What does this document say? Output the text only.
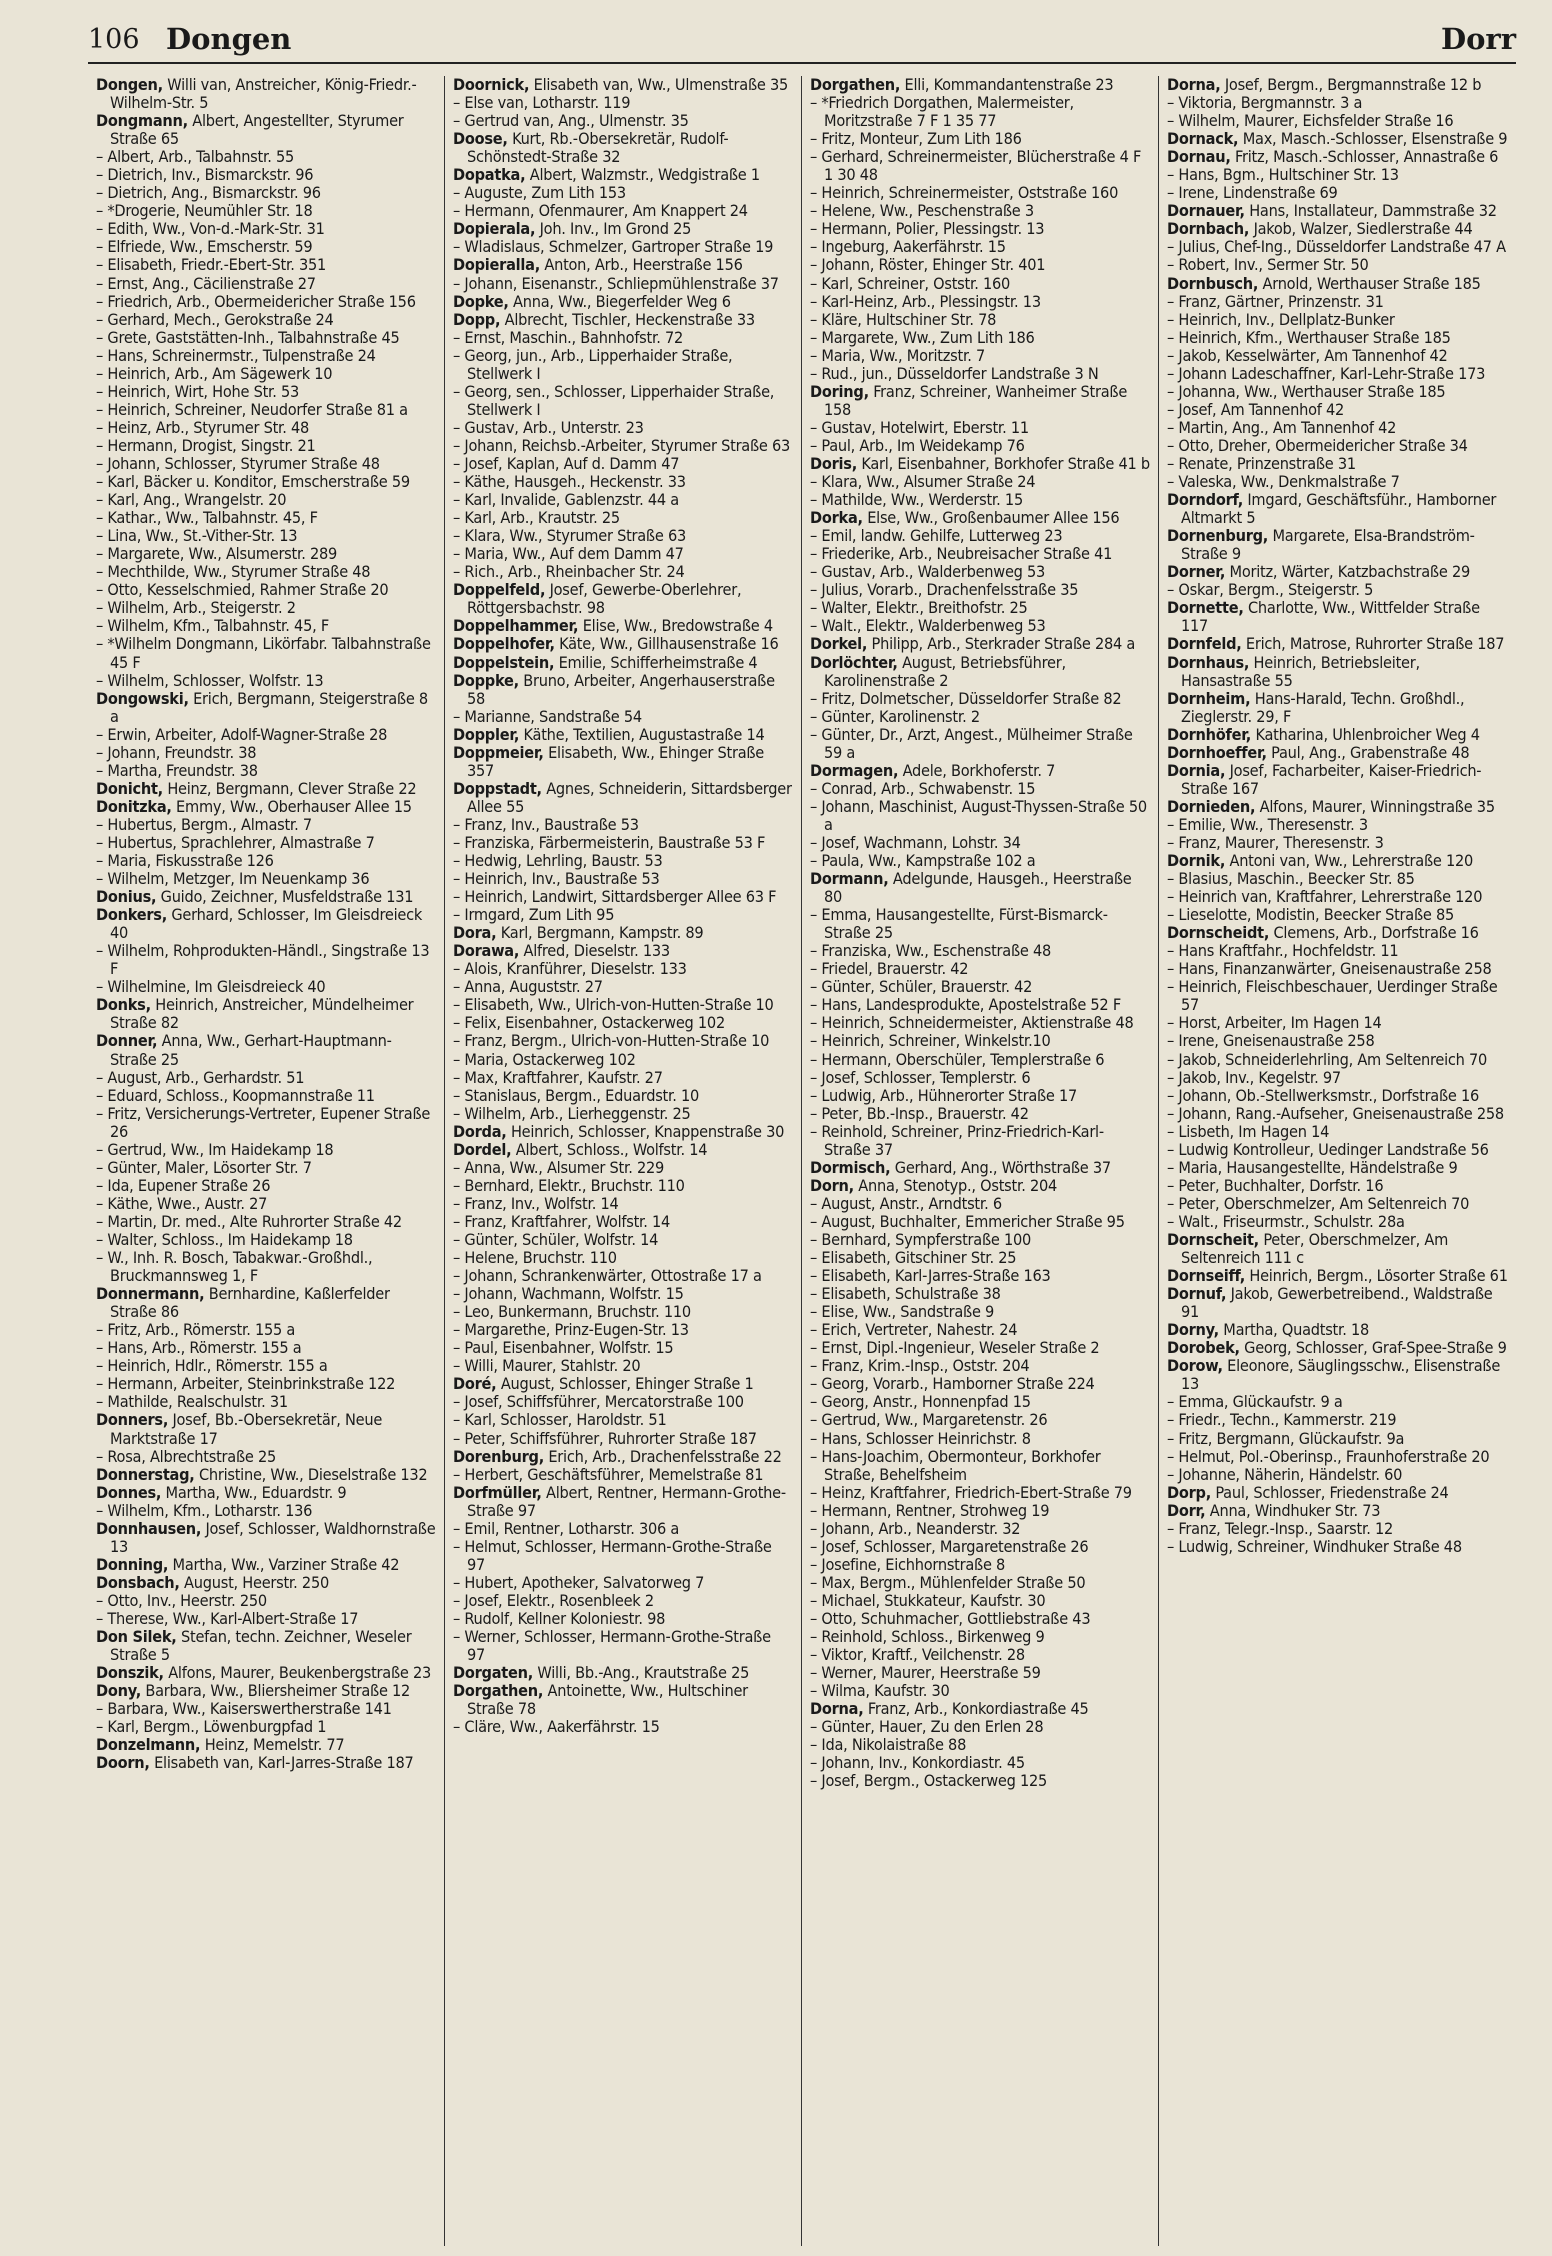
106 Dongen	Dorr
Dongen, Willi van, Anstreicher, König-Friedr.-Wilhelm-Str. 5
Dongmann, Albert, Angestellter, Styrumer Straße 65
– Albert, Arb., Talbahnstr. 55
– Dietrich, Inv., Bismarckstr. 96
– Dietrich, Ang., Bismarckstr. 96
– *Drogerie, Neumühler Str. 18
– Edith, Ww., Von-d.-Mark-Str. 31
– Elfriede, Ww., Emscherstr. 59
– Elisabeth, Friedr.-Ebert-Str. 351
– Ernst, Ang., Cäcilienstraße 27
– Friedrich, Arb., Obermeidericher Straße 156
– Gerhard, Mech., Gerokstraße 24
– Grete, Gaststätten-Inh., Talbahnstraße 45
– Hans, Schreinermstr., Tulpenstraße 24
– Heinrich, Arb., Am Sägewerk 10
– Heinrich, Wirt, Hohe Str. 53
– Heinrich, Schreiner, Neudorfer Straße 81 a
– Heinz, Arb., Styrumer Str. 48
– Hermann, Drogist, Singstr. 21
– Johann, Schlosser, Styrumer Straße 48
– Karl, Bäcker u. Konditor, Emscherstraße 59
– Karl, Ang., Wrangelstr. 20
– Kathar., Ww., Talbahnstr. 45, F
– Lina, Ww., St.-Vither-Str. 13
– Margarete, Ww., Alsumerstr. 289
– Mechthilde, Ww., Styrumer Straße 48
– Otto, Kesselschmied, Rahmer Straße 20
– Wilhelm, Arb., Steigerstr. 2
– Wilhelm, Kfm., Talbahnstr. 45, F
– *Wilhelm Dongmann, Likörfabr. Talbahnstraße 45 F
– Wilhelm, Schlosser, Wolfstr. 13
Dongowski, Erich, Bergmann, Steigerstraße 8 a
– Erwin, Arbeiter, Adolf-Wagner-Straße 28
– Johann, Freundstr. 38
– Martha, Freundstr. 38
Donicht, Heinz, Bergmann, Clever Straße 22
Donitzka, Emmy, Ww., Oberhauser Allee 15
– Hubertus, Bergm., Almastr. 7
– Hubertus, Sprachlehrer, Almastraße 7
– Maria, Fiskusstraße 126
– Wilhelm, Metzger, Im Neuenkamp 36
Donius, Guido, Zeichner, Musfeldstraße 131
Donkers, Gerhard, Schlosser, Im Gleisdreieck 40
– Wilhelm, Rohprodukten-Händl., Singstraße 13 F
– Wilhelmine, Im Gleisdreieck 40
Donks, Heinrich, Anstreicher, Mündelheimer Straße 82
Donner, Anna, Ww., Gerhart-Hauptmann-Straße 25
– August, Arb., Gerhardstr. 51
– Eduard, Schloss., Koopmannstraße 11
– Fritz, Versicherungs-Vertreter, Eupener Straße 26
– Gertrud, Ww., Im Haidekamp 18
– Günter, Maler, Lösorter Str. 7
– Ida, Eupener Straße 26
– Käthe, Wwe., Austr. 27
– Martin, Dr. med., Alte Ruhrorter Straße 42
– Walter, Schloss., Im Haidekamp 18
– W., Inh. R. Bosch, Tabakwar.-Großhdl., Bruckmannsweg 1, F
Donnermann, Bernhardine, Kaßlerfelder Straße 86
– Fritz, Arb., Römerstr. 155 a
– Hans, Arb., Römerstr. 155 a
– Heinrich, Hdlr., Römerstr. 155 a
– Hermann, Arbeiter, Steinbrinkstraße 122
– Mathilde, Realschulstr. 31
Donners, Josef, Bb.-Obersekretär, Neue Marktstraße 17
– Rosa, Albrechtstraße 25
Donnerstag, Christine, Ww., Dieselstraße 132
Donnes, Martha, Ww., Eduardstr. 9
– Wilhelm, Kfm., Lotharstr. 136
Donnhausen, Josef, Schlosser, Waldhornstraße 13
Donning, Martha, Ww., Varziner Straße 42
Donsbach, August, Heerstr. 250
– Otto, Inv., Heerstr. 250
– Therese, Ww., Karl-Albert-Straße 17
Don Silek, Stefan, techn. Zeichner, Weseler Straße 5
Donszik, Alfons, Maurer, Beukenbergstraße 23
Dony, Barbara, Ww., Bliersheimer Straße 12
– Barbara, Ww., Kaiserswertherstraße 141
– Karl, Bergm., Löwenburgpfad 1
Donzelmann, Heinz, Memelstr. 77
Doorn, Elisabeth van, Karl-Jarres-Straße 187
Doornick, Elisabeth van, Ww., Ulmenstraße 35
– Else van, Lotharstr. 119
– Gertrud van, Ang., Ulmenstr. 35
Doose, Kurt, Rb.-Obersekretär, Rudolf-Schönstedt-Straße 32
Dopatka, Albert, Walzmstr., Wedgistraße 1
– Auguste, Zum Lith 153
– Hermann, Ofenmaurer, Am Knappert 24
Dopierala, Joh. Inv., Im Grond 25
– Wladislaus, Schmelzer, Gartroper Straße 19
Dopieralla, Anton, Arb., Heerstraße 156
– Johann, Eisenanstr., Schliepmühlenstraße 37
Dopke, Anna, Ww., Biegerfelder Weg 6
Dopp, Albrecht, Tischler, Heckenstraße 33
– Ernst, Maschin., Bahnhofstr. 72
– Georg, jun., Arb., Lipperhaider Straße, Stellwerk I
– Georg, sen., Schlosser, Lipperhaider Straße, Stellwerk I
– Gustav, Arb., Unterstr. 23
– Johann, Reichsb.-Arbeiter, Styrumer Straße 63
– Josef, Kaplan, Auf d. Damm 47
– Käthe, Hausgeh., Heckenstr. 33
– Karl, Invalide, Gablenzstr. 44 a
– Karl, Arb., Krautstr. 25
– Klara, Ww., Styrumer Straße 63
– Maria, Ww., Auf dem Damm 47
– Rich., Arb., Rheinbacher Str. 24
Doppelfeld, Josef, Gewerbe-Oberlehrer, Röttgersbachstr. 98
Doppelhammer, Elise, Ww., Bredowstraße 4
Doppelhofer, Käte, Ww., Gillhausenstraße 16
Doppelstein, Emilie, Schifferheimstraße 4
Doppke, Bruno, Arbeiter, Angerhauserstraße 58
– Marianne, Sandstraße 54
Doppler, Käthe, Textilien, Augustastraße 14
Doppmeier, Elisabeth, Ww., Ehinger Straße 357
Doppstadt, Agnes, Schneiderin, Sittardsberger Allee 55
– Franz, Inv., Baustraße 53
– Franziska, Färbermeisterin, Baustraße 53 F
– Hedwig, Lehrling, Baustr. 53
– Heinrich, Inv., Baustraße 53
– Heinrich, Landwirt, Sittardsberger Allee 63 F
– Irmgard, Zum Lith 95
Dora, Karl, Bergmann, Kampstr. 89
Dorawa, Alfred, Dieselstr. 133
– Alois, Kranführer, Dieselstr. 133
– Anna, Auguststr. 27
– Elisabeth, Ww., Ulrich-von-Hutten-Straße 10
– Felix, Eisenbahner, Ostackerweg 102
– Franz, Bergm., Ulrich-von-Hutten-Straße 10
– Maria, Ostackerweg 102
– Max, Kraftfahrer, Kaufstr. 27
– Stanislaus, Bergm., Eduardstr. 10
– Wilhelm, Arb., Lierheggenstr. 25
Dorda, Heinrich, Schlosser, Knappenstraße 30
Dordel, Albert, Schloss., Wolfstr. 14
– Anna, Ww., Alsumer Str. 229
– Bernhard, Elektr., Bruchstr. 110
– Franz, Inv., Wolfstr. 14
– Franz, Kraftfahrer, Wolfstr. 14
– Günter, Schüler, Wolfstr. 14
– Helene, Bruchstr. 110
– Johann, Schrankenwärter, Ottostraße 17 a
– Johann, Wachmann, Wolfstr. 15
– Leo, Bunkermann, Bruchstr. 110
– Margarethe, Prinz-Eugen-Str. 13
– Paul, Eisenbahner, Wolfstr. 15
– Willi, Maurer, Stahlstr. 20
Doré, August, Schlosser, Ehinger Straße 1
– Josef, Schiffsführer, Mercatorstraße 100
– Karl, Schlosser, Haroldstr. 51
– Peter, Schiffsführer, Ruhrorter Straße 187
Dorenburg, Erich, Arb., Drachenfelsstraße 22
– Herbert, Geschäftsführer, Memelstraße 81
Dorfmüller, Albert, Rentner, Hermann-Grothe-Straße 97
– Emil, Rentner, Lotharstr. 306 a
– Helmut, Schlosser, Hermann-Grothe-Straße 97
– Hubert, Apotheker, Salvatorweg 7
– Josef, Elektr., Rosenbleek 2
– Rudolf, Kellner Koloniestr. 98
– Werner, Schlosser, Hermann-Grothe-Straße 97
Dorgaten, Willi, Bb.-Ang., Krautstraße 25
Dorgathen, Antoinette, Ww., Hultschiner Straße 78
– Cläre, Ww., Aakerfährstr. 15
Dorgathen, Elli, Kommandantenstraße 23
– *Friedrich Dorgathen, Malermeister, Moritzstraße 7 F 1 35 77
– Fritz, Monteur, Zum Lith 186
– Gerhard, Schreinermeister, Blücherstraße 4 F 1 30 48
– Heinrich, Schreinermeister, Oststraße 160
– Helene, Ww., Peschenstraße 3
– Hermann, Polier, Plessingstr. 13
– Ingeburg, Aakerfährstr. 15
– Johann, Röster, Ehinger Str. 401
– Karl, Schreiner, Oststr. 160
– Karl-Heinz, Arb., Plessingstr. 13
– Kläre, Hultschiner Str. 78
– Margarete, Ww., Zum Lith 186
– Maria, Ww., Moritzstr. 7
– Rud., jun., Düsseldorfer Landstraße 3 N
Doring, Franz, Schreiner, Wanheimer Straße 158
– Gustav, Hotelwirt, Eberstr. 11
– Paul, Arb., Im Weidekamp 76
Doris, Karl, Eisenbahner, Borkhofer Straße 41 b
– Klara, Ww., Alsumer Straße 24
– Mathilde, Ww., Werderstr. 15
Dorka, Else, Ww., Großenbaumer Allee 156
– Emil, landw. Gehilfe, Lutterweg 23
– Friederike, Arb., Neubreisacher Straße 41
– Gustav, Arb., Walderbenweg 53
– Julius, Vorarb., Drachenfelsstraße 35
– Walter, Elektr., Breithofstr. 25
– Walt., Elektr., Walderbenweg 53
Dorkel, Philipp, Arb., Sterkrader Straße 284 a
Dorlöchter, August, Betriebsführer, Karolinenstraße 2
– Fritz, Dolmetscher, Düsseldorfer Straße 82
– Günter, Karolinenstr. 2
– Günter, Dr., Arzt, Angest., Mülheimer Straße 59 a
Dormagen, Adele, Borkhoferstr. 7
– Conrad, Arb., Schwabenstr. 15
– Johann, Maschinist, August-Thyssen-Straße 50 a
– Josef, Wachmann, Lohstr. 34
– Paula, Ww., Kampstraße 102 a
Dormann, Adelgunde, Hausgeh., Heerstraße 80
– Emma, Hausangestellte, Fürst-Bismarck-Straße 25
– Franziska, Ww., Eschenstraße 48
– Friedel, Brauerstr. 42
– Günter, Schüler, Brauerstr. 42
– Hans, Landesprodukte, Apostelstraße 52 F
– Heinrich, Schneidermeister, Aktienstraße 48
– Heinrich, Schreiner, Winkelstr.10
– Hermann, Oberschüler, Templerstraße 6
– Josef, Schlosser, Templerstr. 6
– Ludwig, Arb., Hühnerorter Straße 17
– Peter, Bb.-Insp., Brauerstr. 42
– Reinhold, Schreiner, Prinz-Friedrich-Karl-Straße 37
Dormisch, Gerhard, Ang., Wörthstraße 37
Dorn, Anna, Stenotyp., Oststr. 204
– August, Anstr., Arndtstr. 6
– August, Buchhalter, Emmericher Straße 95
– Bernhard, Sympferstraße 100
– Elisabeth, Gitschiner Str. 25
– Elisabeth, Karl-Jarres-Straße 163
– Elisabeth, Schulstraße 38
– Elise, Ww., Sandstraße 9
– Erich, Vertreter, Nahestr. 24
– Ernst, Dipl.-Ingenieur, Weseler Straße 2
– Franz, Krim.-Insp., Oststr. 204
– Georg, Vorarb., Hamborner Straße 224
– Georg, Anstr., Honnenpfad 15
– Gertrud, Ww., Margaretenstr. 26
– Hans, Schlosser Heinrichstr. 8
– Hans-Joachim, Obermonteur, Borkhofer Straße, Behelfsheim
– Heinz, Kraftfahrer, Friedrich-Ebert-Straße 79
– Hermann, Rentner, Strohweg 19
– Johann, Arb., Neanderstr. 32
– Josef, Schlosser, Margaretenstraße 26
– Josefine, Eichhornstraße 8
– Max, Bergm., Mühlenfelder Straße 50
– Michael, Stukkateur, Kaufstr. 30
– Otto, Schuhmacher, Gottliebstraße 43
– Reinhold, Schloss., Birkenweg 9
– Viktor, Kraftf., Veilchenstr. 28
– Werner, Maurer, Heerstraße 59
– Wilma, Kaufstr. 30
Dorna, Franz, Arb., Konkordiastraße 45
– Günter, Hauer, Zu den Erlen 28
– Ida, Nikolaistraße 88
– Johann, Inv., Konkordiastr. 45
– Josef, Bergm., Ostackerweg 125
Dorna, Josef, Bergm., Bergmannstraße 12 b
– Viktoria, Bergmannstr. 3 a
– Wilhelm, Maurer, Eichsfelder Straße 16
Dornack, Max, Masch.-Schlosser, Elsenstraße 9
Dornau, Fritz, Masch.-Schlosser, Annastraße 6
– Hans, Bgm., Hultschiner Str. 13
– Irene, Lindenstraße 69
Dornauer, Hans, Installateur, Dammstraße 32
Dornbach, Jakob, Walzer, Siedlerstraße 44
– Julius, Chef-Ing., Düsseldorfer Landstraße 47 A
– Robert, Inv., Sermer Str. 50
Dornbusch, Arnold, Werthauser Straße 185
– Franz, Gärtner, Prinzenstr. 31
– Heinrich, Inv., Dellplatz-Bunker
– Heinrich, Kfm., Werthauser Straße 185
– Jakob, Kesselwärter, Am Tannenhof 42
– Johann Ladeschaffner, Karl-Lehr-Straße 173
– Johanna, Ww., Werthauser Straße 185
– Josef, Am Tannenhof 42
– Martin, Ang., Am Tannenhof 42
– Otto, Dreher, Obermeidericher Straße 34
– Renate, Prinzenstraße 31
– Valeska, Ww., Denkmalstraße 7
Dorndorf, Imgard, Geschäftsführ., Hamborner Altmarkt 5
Dornenburg, Margarete, Elsa-Brandström-Straße 9
Dorner, Moritz, Wärter, Katzbachstraße 29
– Oskar, Bergm., Steigerstr. 5
Dornette, Charlotte, Ww., Wittfelder Straße 117
Dornfeld, Erich, Matrose, Ruhrorter Straße 187
Dornhaus, Heinrich, Betriebsleiter, Hansastraße 55
Dornheim, Hans-Harald, Techn. Großhdl., Zieglerstr. 29, F
Dornhöfer, Katharina, Uhlenbroicher Weg 4
Dornhoeffer, Paul, Ang., Grabenstraße 48
Dornia, Josef, Facharbeiter, Kaiser-Friedrich-Straße 167
Dornieden, Alfons, Maurer, Winningstraße 35
– Emilie, Ww., Theresenstr. 3
– Franz, Maurer, Theresenstr. 3
Dornik, Antoni van, Ww., Lehrerstraße 120
– Blasius, Maschin., Beecker Str. 85
– Heinrich van, Kraftfahrer, Lehrerstraße 120
– Lieselotte, Modistin, Beecker Straße 85
Dornscheidt, Clemens, Arb., Dorfstraße 16
– Hans Kraftfahr., Hochfeldstr. 11
– Hans, Finanzanwärter, Gneisenaustraße 258
– Heinrich, Fleischbeschauer, Uerdinger Straße 57
– Horst, Arbeiter, Im Hagen 14
– Irene, Gneisenaustraße 258
– Jakob, Schneiderlehrling, Am Seltenreich 70
– Jakob, Inv., Kegelstr. 97
– Johann, Ob.-Stellwerksmstr., Dorfstraße 16
– Johann, Rang.-Aufseher, Gneisenaustraße 258
– Lisbeth, Im Hagen 14
– Ludwig Kontrolleur, Uedinger Landstraße 56
– Maria, Hausangestellte, Händelstraße 9
– Peter, Buchhalter, Dorfstr. 16
– Peter, Oberschmelzer, Am Seltenreich 70
– Walt., Friseurmstr., Schulstr. 28a
Dornscheit, Peter, Oberschmelzer, Am Seltenreich 111 c
Dornseiff, Heinrich, Bergm., Lösorter Straße 61
Dornuf, Jakob, Gewerbetreibend., Waldstraße 91
Dorny, Martha, Quadtstr. 18
Dorobek, Georg, Schlosser, Graf-Spee-Straße 9
Dorow, Eleonore, Säuglingsschw., Elisenstraße 13
– Emma, Glückaufstr. 9 a
– Friedr., Techn., Kammerstr. 219
– Fritz, Bergmann, Glückaufstr. 9a
– Helmut, Pol.-Oberinsp., Fraunhoferstraße 20
– Johanne, Näherin, Händelstr. 60
Dorp, Paul, Schlosser, Friedenstraße 24
Dorr, Anna, Windhuker Str. 73
– Franz, Telegr.-Insp., Saarstr. 12
– Ludwig, Schreiner, Windhuker Straße 48
